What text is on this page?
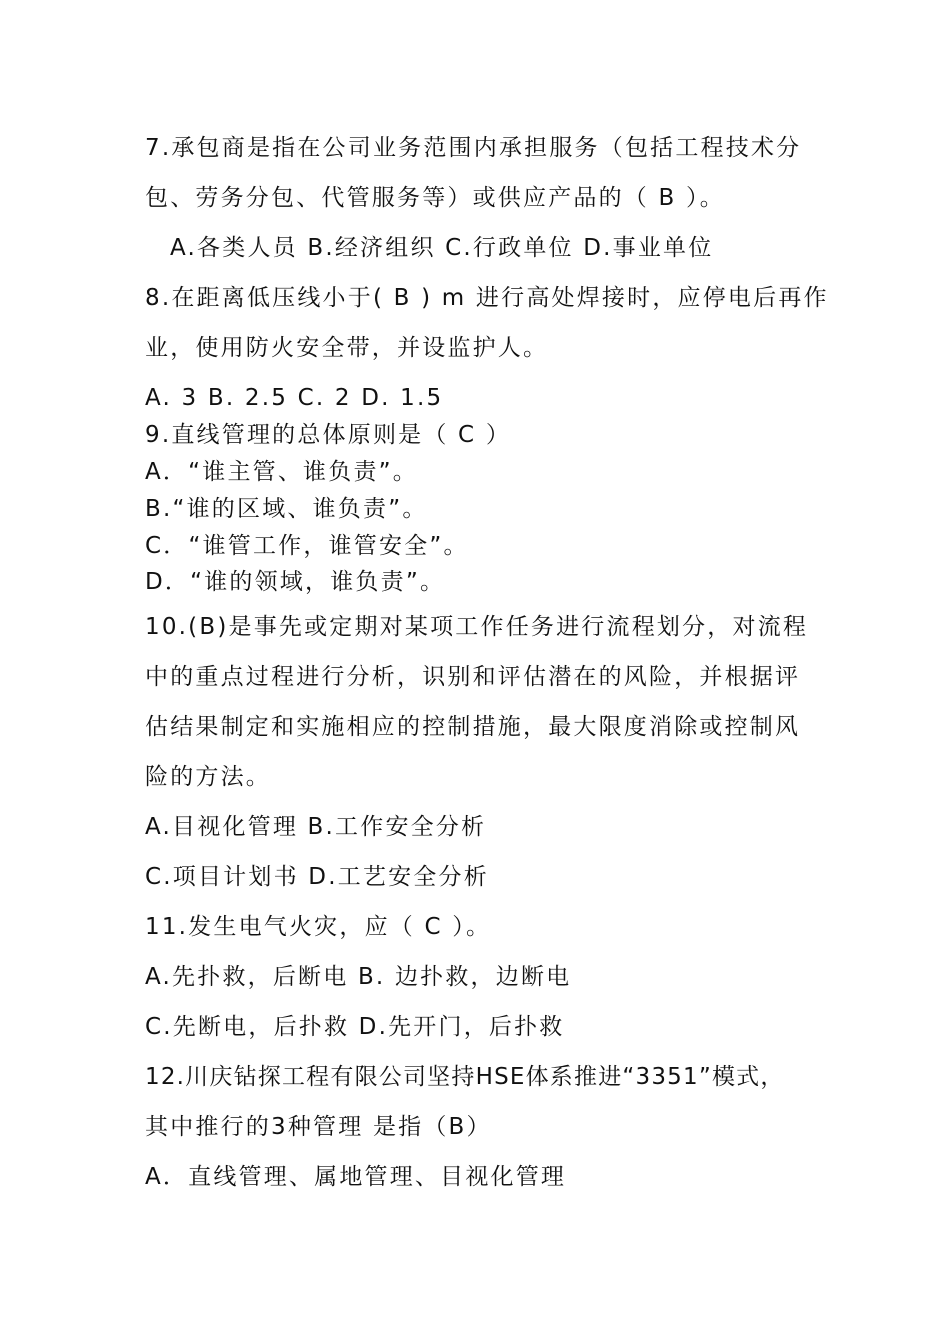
7.承包商是指在公司业务范围内承担服务（包括工程技术分
包、劳务分包、代管服务等）或供应产品的（ B ）。
A.各类人员 B.经济组织 C.行政单位 D.事业单位
8.在距离低压线小于( B ) m 进行高处焊接时，应停电后再作
业，使用防火安全带，并设监护人。
A. 3 B. 2.5 C. 2 D. 1.5
9.直线管理的总体原则是（ C ）
A．“谁主管、谁负责”。
B.“谁的区域、谁负责”。
C．“谁管工作，谁管安全”。
D．“谁的领域，谁负责”。
10.(B)是事先或定期对某项工作任务进行流程划分，对流程
中的重点过程进行分析，识别和评估潜在的风险，并根据评
估结果制定和实施相应的控制措施，最大限度消除或控制风
险的方法。
A.目视化管理 B.工作安全分析
C.项目计划书 D.工艺安全分析
11.发生电气火灾，应（ C ）。
A.先扑救，后断电 B. 边扑救，边断电
C.先断电，后扑救 D.先开门，后扑救
12.川庆钻探工程有限公司坚持HSE体系推进“3351”模式，
其中推行的3种管理 是指（B）
A．直线管理、属地管理、目视化管理
